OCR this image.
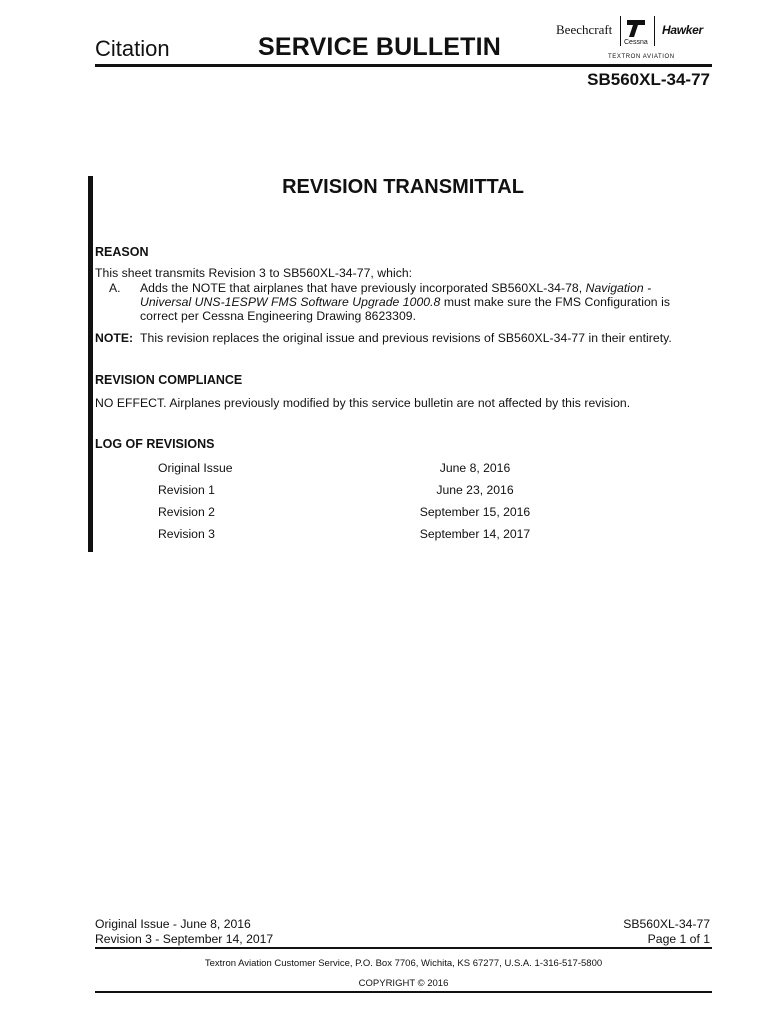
Citation	SERVICE BULLETIN
Beechcraft
Cessna
Hawker
TEXTRON AVIATION
SB560XL-34-77
REVISION TRANSMITTAL
REASON
This sheet transmits Revision 3 to SB560XL-34-77, which:
A. Adds the NOTE that airplanes that have previously incorporated SB560XL-34-78, Navigation -
Universal UNS-1ESPW FMS Software Upgrade 1000.8 must make sure the FMS Configuration is
correct per Cessna Engineering Drawing 8623309.
NOTE: This revision replaces the original issue and previous revisions of SB560XL-34-77 in their entirety.
REVISION COMPLIANCE
NO EFFECT. Airplanes previously modified by this service bulletin are not affected by this revision.
LOG OF REVISIONS
Original Issue	June 8, 2016
Revision 1	June 23, 2016
Revision 2	September 15, 2016
Revision 3	September 14, 2017
Original Issue - June 8, 2016
Revision 3 - September 14, 2017
SB560XL-34-77
Page 1 of 1
Textron Aviation Customer Service, P.O. Box 7706, Wichita, KS 67277, U.S.A. 1-316-517-5800
COPYRIGHT © 2016
